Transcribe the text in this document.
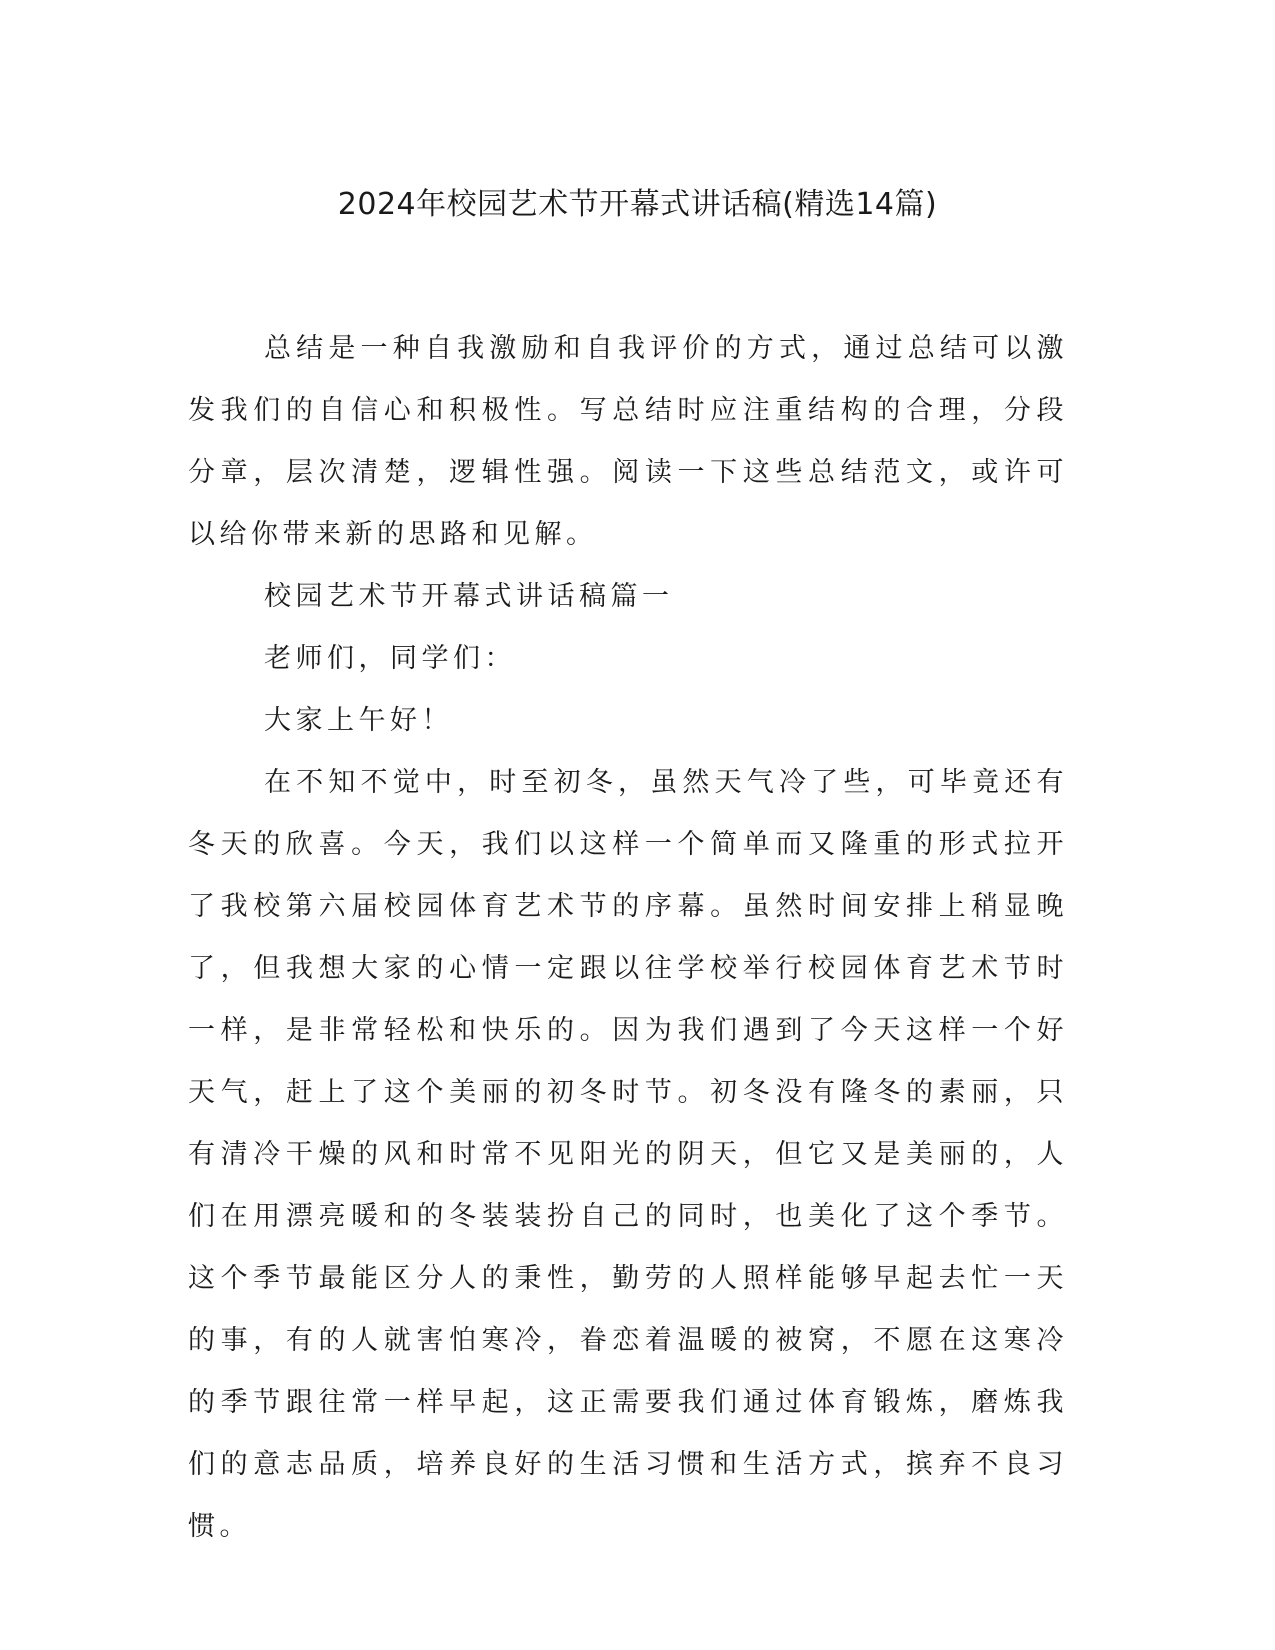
2024年校园艺术节开幕式讲话稿(精选14篇)

总结是一种自我激励和自我评价的方式，通过总结可以激发我们的自信心和积极性。写总结时应注重结构的合理，分段分章，层次清楚，逻辑性强。阅读一下这些总结范文，或许可以给你带来新的思路和见解。

校园艺术节开幕式讲话稿篇一

老师们，同学们：

大家上午好！

在不知不觉中，时至初冬，虽然天气冷了些，可毕竟还有冬天的欣喜。今天，我们以这样一个简单而又隆重的形式拉开了我校第六届校园体育艺术节的序幕。虽然时间安排上稍显晚了，但我想大家的心情一定跟以往学校举行校园体育艺术节时一样，是非常轻松和快乐的。因为我们遇到了今天这样一个好天气，赶上了这个美丽的初冬时节。初冬没有隆冬的素丽，只有清冷干燥的风和时常不见阳光的阴天，但它又是美丽的，人们在用漂亮暖和的冬装装扮自己的同时，也美化了这个季节。这个季节最能区分人的秉性，勤劳的人照样能够早起去忙一天的事，有的人就害怕寒冷，眷恋着温暖的被窝，不愿在这寒冷的季节跟往常一样早起，这正需要我们通过体育锻炼，磨炼我们的意志品质，培养良好的生活习惯和生活方式，摈弃不良习惯。
